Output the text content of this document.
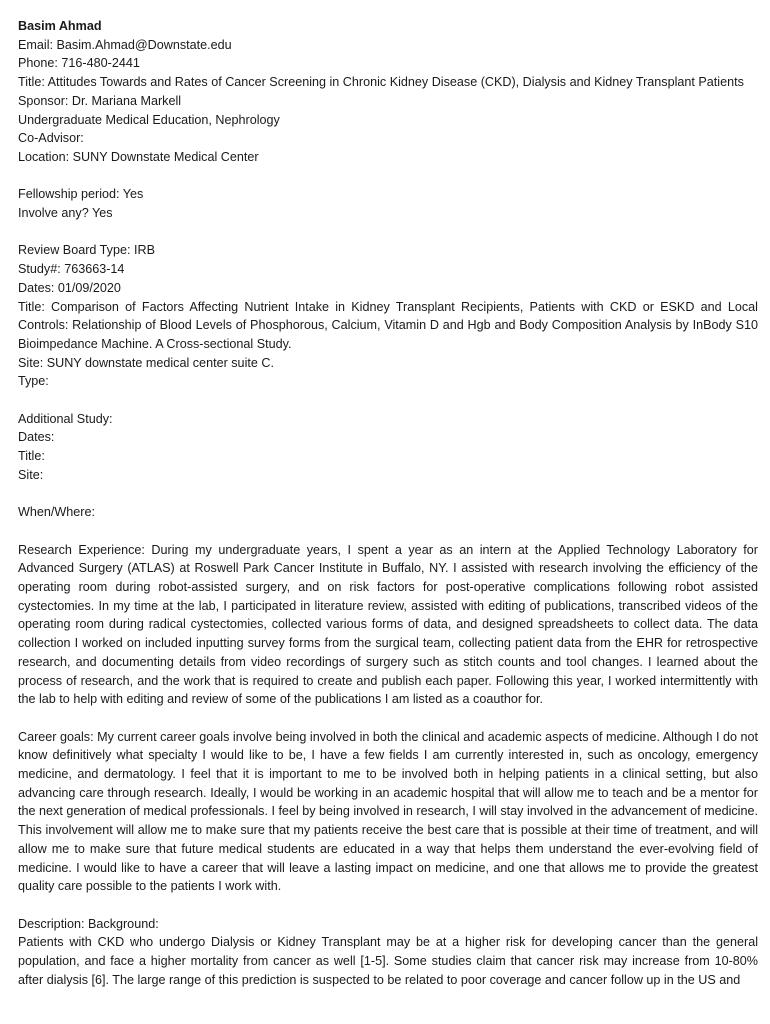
Basim Ahmad
Email: Basim.Ahmad@Downstate.edu
Phone: 716-480-2441
Title: Attitudes Towards and Rates of Cancer Screening in Chronic Kidney Disease (CKD), Dialysis and Kidney Transplant Patients
Sponsor: Dr. Mariana Markell
Undergraduate Medical Education, Nephrology
Co-Advisor:
Location: SUNY Downstate Medical Center
Fellowship period: Yes
Involve any? Yes
Review Board Type: IRB
Study#: 763663-14
Dates: 01/09/2020

Title: Comparison of Factors Affecting Nutrient Intake in Kidney Transplant Recipients, Patients with CKD or ESKD and Local Controls: Relationship of Blood Levels of Phosphorous, Calcium, Vitamin D and Hgb and Body Composition Analysis by InBody S10 Bioimpedance Machine. A Cross-sectional Study.

Site: SUNY downstate medical center suite C.
Type:
Additional Study:
Dates:
Title:
Site:
When/Where:

Research Experience: During my undergraduate years, I spent a year as an intern at the Applied Technology Laboratory for Advanced Surgery (ATLAS) at Roswell Park Cancer Institute in Buffalo, NY. I assisted with research involving the efficiency of the operating room during robot-assisted surgery, and on risk factors for post-operative complications following robot assisted cystectomies. In my time at the lab, I participated in literature review, assisted with editing of publications, transcribed videos of the operating room during radical cystectomies, collected various forms of data, and designed spreadsheets to collect data. The data collection I worked on included inputting survey forms from the surgical team, collecting patient data from the EHR for retrospective research, and documenting details from video recordings of surgery such as stitch counts and tool changes. I learned about the process of research, and the work that is required to create and publish each paper. Following this year, I worked intermittently with the lab to help with editing and review of some of the publications I am listed as a coauthor for.

Career goals: My current career goals involve being involved in both the clinical and academic aspects of medicine. Although I do not know definitively what specialty I would like to be, I have a few fields I am currently interested in, such as oncology, emergency medicine, and dermatology. I feel that it is important to me to be involved both in helping patients in a clinical setting, but also advancing care through research. Ideally, I would be working in an academic hospital that will allow me to teach and be a mentor for the next generation of medical professionals. I feel by being involved in research, I will stay involved in the advancement of medicine. This involvement will allow me to make sure that my patients receive the best care that is possible at their time of treatment, and will allow me to make sure that future medical students are educated in a way that helps them understand the ever-evolving field of medicine. I would like to have a career that will leave a lasting impact on medicine, and one that allows me to provide the greatest quality care possible to the patients I work with.

Description: Background:

Patients with CKD who undergo Dialysis or Kidney Transplant may be at a higher risk for developing cancer than the general population, and face a higher mortality from cancer as well [1-5]. Some studies claim that cancer risk may increase from 10-80% after dialysis [6]. The large range of this prediction is suspected to be related to poor coverage and cancer follow up in the US and
